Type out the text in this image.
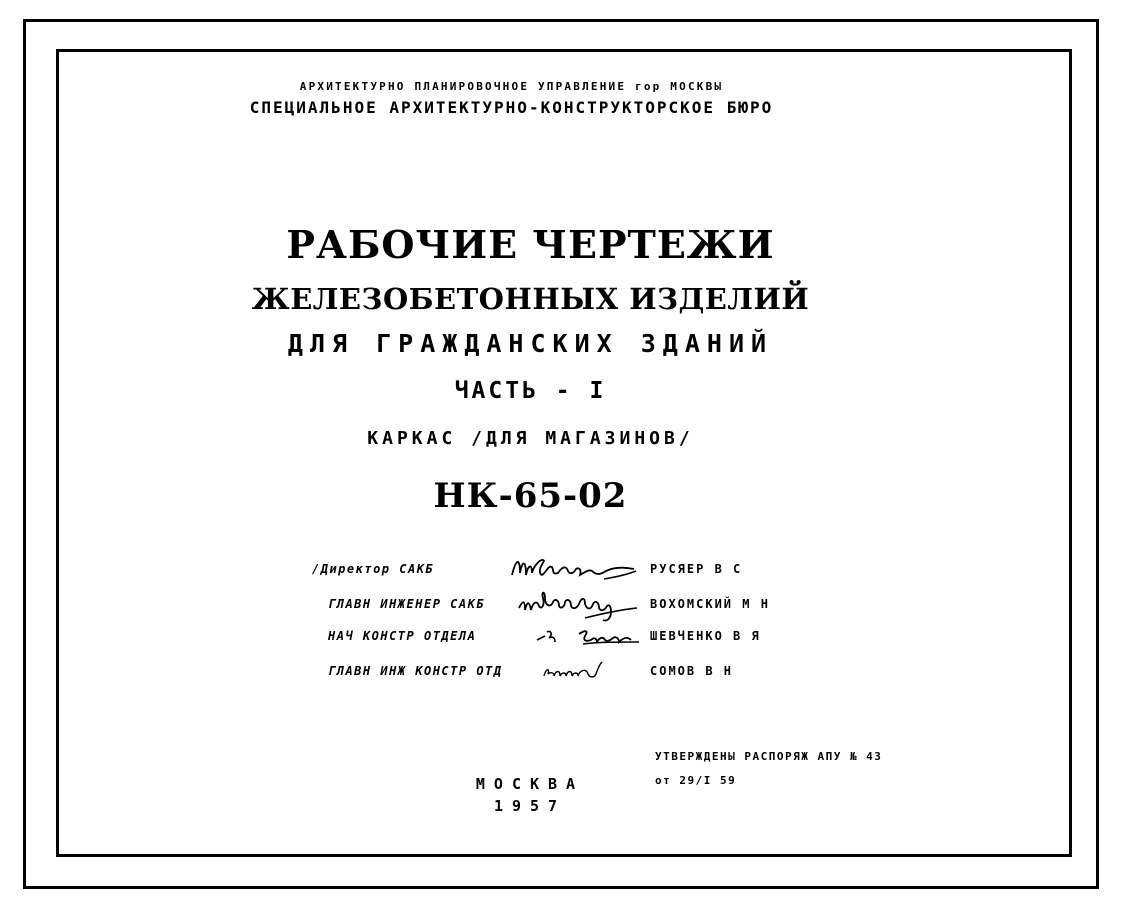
АРХИТЕКТУРНО ПЛАНИРОВОЧНОЕ УПРАВЛЕНИЕ гор МОСКВЫ
СПЕЦИАЛЬНОЕ АРХИТЕКТУРНО-КОНСТРУКТОРСКОЕ БЮРО
РАБОЧИЕ ЧЕРТЕЖИ
ЖЕЛЕЗОБЕТОННЫХ ИЗДЕЛИЙ
ДЛЯ ГРАЖДАНСКИХ ЗДАНИЙ
ЧАСТЬ - I
КАРКАС /ДЛЯ МАГАЗИНОВ/
НК-65-02
/Директор САКБ
ГЛАВН ИНЖЕНЕР САКБ
НАЧ КОНСТР ОТДЕЛА
ГЛАВН ИНЖ КОНСТР ОТД
РУСЯЕР В С
ВОХОМСКИЙ М Н
ШЕВЧЕНКО В Я
СОМОВ В Н
МОСКВА
1957
УТВЕРЖДЕНЫ РАСПОРЯЖ АПУ № 43
от 29/I 59
